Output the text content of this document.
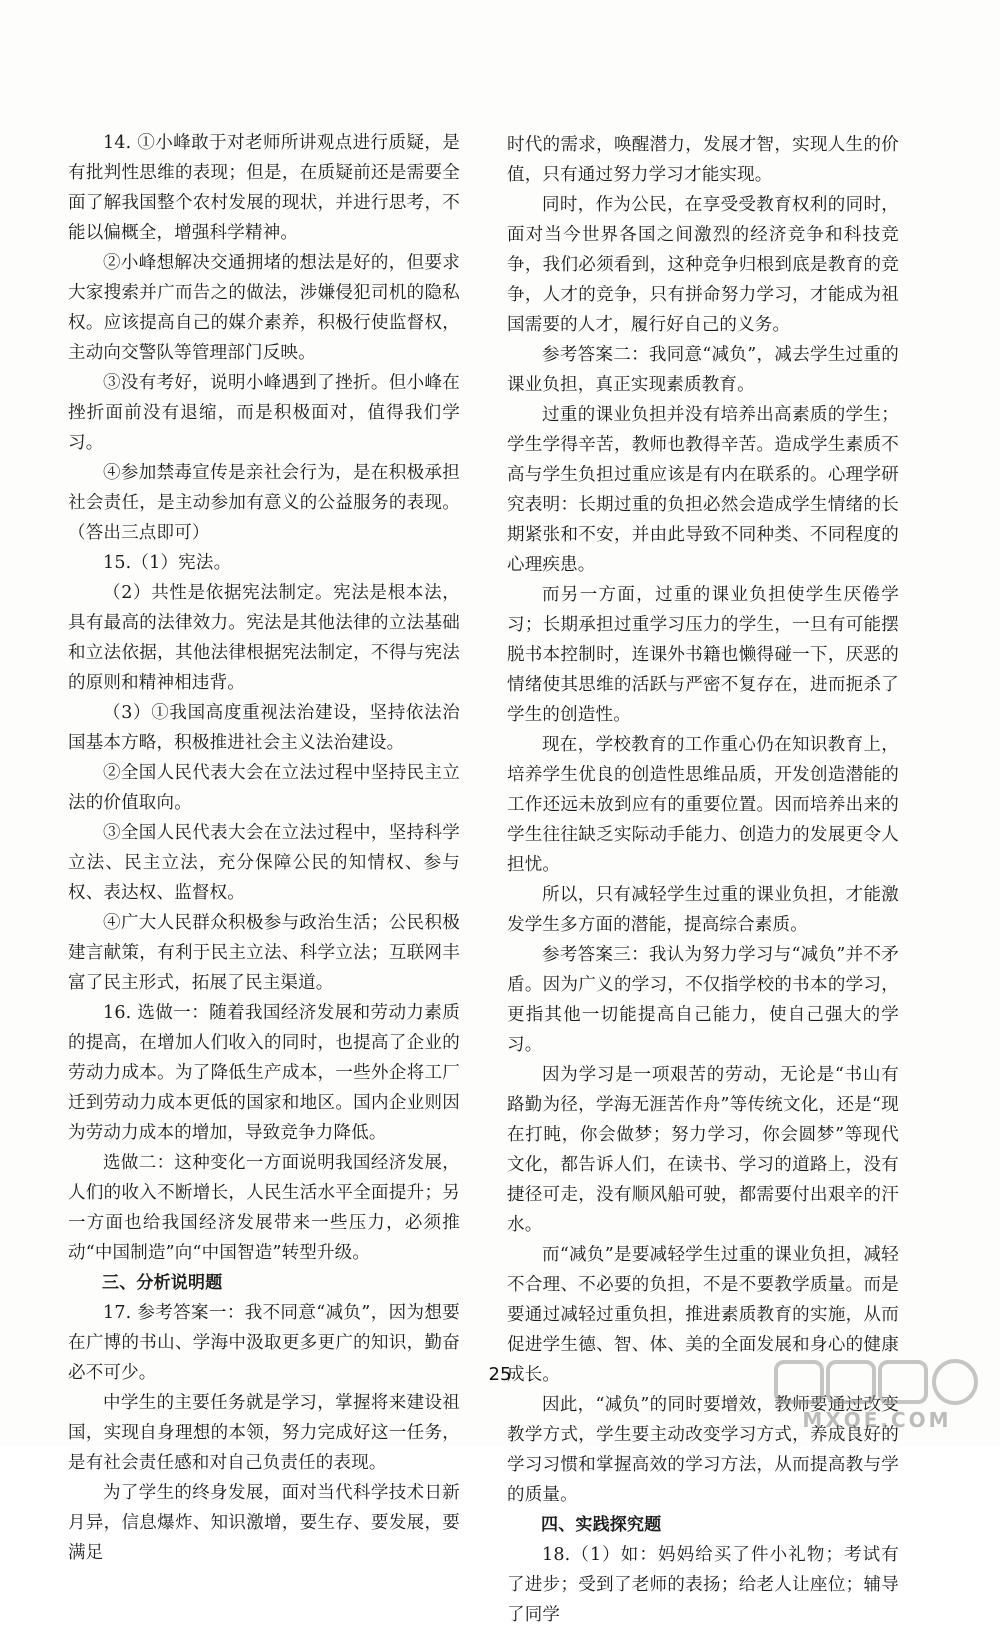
14. ①小峰敢于对老师所讲观点进行质疑，是有批判性思维的表现；但是，在质疑前还是需要全面了解我国整个农村发展的现状，并进行思考，不能以偏概全，增强科学精神。

②小峰想解决交通拥堵的想法是好的，但要求大家搜索并广而告之的做法，涉嫌侵犯司机的隐私权。应该提高自己的媒介素养，积极行使监督权，主动向交警队等管理部门反映。

③没有考好，说明小峰遇到了挫折。但小峰在挫折面前没有退缩，而是积极面对，值得我们学习。

④参加禁毒宣传是亲社会行为，是在积极承担社会责任，是主动参加有意义的公益服务的表现。（答出三点即可）

15.（1）宪法。

（2）共性是依据宪法制定。宪法是根本法，具有最高的法律效力。宪法是其他法律的立法基础和立法依据，其他法律根据宪法制定，不得与宪法的原则和精神相违背。

（3）①我国高度重视法治建设，坚持依法治国基本方略，积极推进社会主义法治建设。

②全国人民代表大会在立法过程中坚持民主立法的价值取向。

③全国人民代表大会在立法过程中，坚持科学立法、民主立法，充分保障公民的知情权、参与权、表达权、监督权。

④广大人民群众积极参与政治生活；公民积极建言献策，有利于民主立法、科学立法；互联网丰富了民主形式，拓展了民主渠道。

16. 选做一：随着我国经济发展和劳动力素质的提高，在增加人们收入的同时，也提高了企业的劳动力成本。为了降低生产成本，一些外企将工厂迁到劳动力成本更低的国家和地区。国内企业则因为劳动力成本的增加，导致竞争力降低。

选做二：这种变化一方面说明我国经济发展，人们的收入不断增长，人民生活水平全面提升；另一方面也给我国经济发展带来一些压力，必须推动“中国制造”向“中国智造”转型升级。

三、分析说明题

17. 参考答案一：我不同意“减负”，因为想要在广博的书山、学海中汲取更多更广的知识，勤奋必不可少。

中学生的主要任务就是学习，掌握将来建设祖国，实现自身理想的本领，努力完成好这一任务，是有社会责任感和对自己负责任的表现。

为了学生的终身发展，面对当代科学技术日新月异，信息爆炸、知识激增，要生存、要发展，要满足

时代的需求，唤醒潜力，发展才智，实现人生的价值，只有通过努力学习才能实现。

同时，作为公民，在享受受教育权利的同时，面对当今世界各国之间激烈的经济竞争和科技竞争，我们必须看到，这种竞争归根到底是教育的竞争，人才的竞争，只有拼命努力学习，才能成为祖国需要的人才，履行好自己的义务。

参考答案二：我同意“减负”，减去学生过重的课业负担，真正实现素质教育。

过重的课业负担并没有培养出高素质的学生；学生学得辛苦，教师也教得辛苦。造成学生素质不高与学生负担过重应该是有内在联系的。心理学研究表明：长期过重的负担必然会造成学生情绪的长期紧张和不安，并由此导致不同种类、不同程度的心理疾患。

而另一方面，过重的课业负担使学生厌倦学习；长期承担过重学习压力的学生，一旦有可能摆脱书本控制时，连课外书籍也懒得碰一下，厌恶的情绪使其思维的活跃与严密不复存在，进而扼杀了学生的创造性。

现在，学校教育的工作重心仍在知识教育上，培养学生优良的创造性思维品质，开发创造潜能的工作还远未放到应有的重要位置。因而培养出来的学生往往缺乏实际动手能力、创造力的发展更令人担忧。

所以，只有减轻学生过重的课业负担，才能激发学生多方面的潜能，提高综合素质。

参考答案三：我认为努力学习与“减负”并不矛盾。因为广义的学习，不仅指学校的书本的学习，更指其他一切能提高自己能力，使自己强大的学习。

因为学习是一项艰苦的劳动，无论是“书山有路勤为径，学海无涯苦作舟”等传统文化，还是“现在打盹，你会做梦；努力学习，你会圆梦”等现代文化，都告诉人们，在读书、学习的道路上，没有捷径可走，没有顺风船可驶，都需要付出艰辛的汗水。

而“减负”是要减轻学生过重的课业负担，减轻不合理、不必要的负担，不是不要教学质量。而是要通过减轻过重负担，推进素质教育的实施，从而促进学生德、智、体、美的全面发展和身心的健康成长。

因此，“减负”的同时要增效，教师要通过改变教学方式，学生要主动改变学习方式，养成良好的学习习惯和掌握高效的学习方法，从而提高教与学的质量。

四、实践探究题

18.（1）如：妈妈给买了件小礼物；考试有了进步；受到了老师的表扬；给老人让座位；辅导了同学

25
MXQE.COM
